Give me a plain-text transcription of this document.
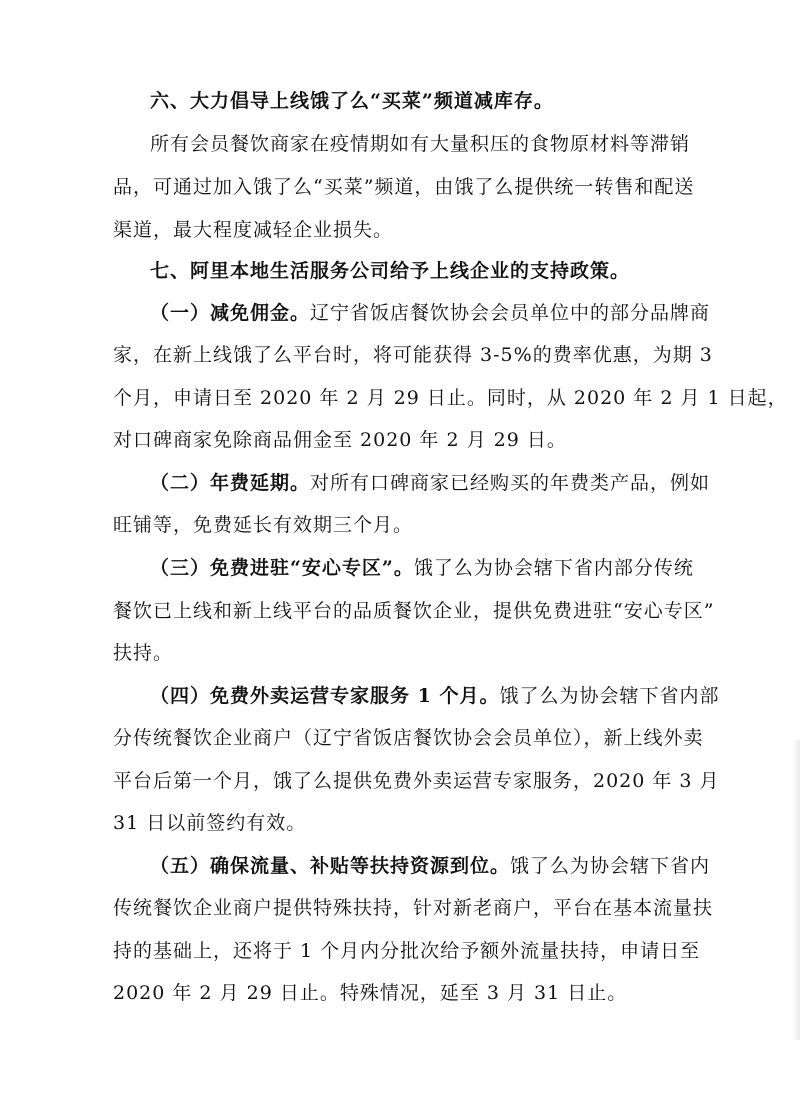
六、大力倡导上线饿了么“买菜”频道减库存。
所有会员餐饮商家在疫情期如有大量积压的食物原材料等滞销
品，可通过加入饿了么“买菜”频道，由饿了么提供统一转售和配送
渠道，最大程度减轻企业损失。
七、阿里本地生活服务公司给予上线企业的支持政策。
（一）减免佣金。辽宁省饭店餐饮协会会员单位中的部分品牌商
家，在新上线饿了么平台时，将可能获得 3-5%的费率优惠，为期 3
个月，申请日至 2020 年 2 月 29 日止。同时，从 2020 年 2 月 1 日起，
对口碑商家免除商品佣金至 2020 年 2 月 29 日。
（二）年费延期。对所有口碑商家已经购买的年费类产品，例如
旺铺等，免费延长有效期三个月。
（三）免费进驻“安心专区”。饿了么为协会辖下省内部分传统
餐饮已上线和新上线平台的品质餐饮企业，提供免费进驻“安心专区”
扶持。
（四）免费外卖运营专家服务 1 个月。饿了么为协会辖下省内部
分传统餐饮企业商户（辽宁省饭店餐饮协会会员单位），新上线外卖
平台后第一个月，饿了么提供免费外卖运营专家服务，2020 年 3 月
31 日以前签约有效。
（五）确保流量、补贴等扶持资源到位。饿了么为协会辖下省内
传统餐饮企业商户提供特殊扶持，针对新老商户，平台在基本流量扶
持的基础上，还将于 1 个月内分批次给予额外流量扶持，申请日至
2020 年 2 月 29 日止。特殊情况，延至 3 月 31 日止。
